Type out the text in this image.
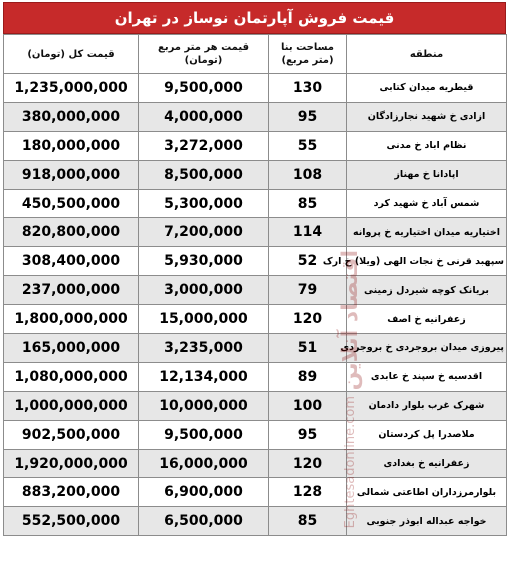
قیمت فروش آپارتمان نوساز در تهران
منطقه	مساحت بنا (متر مربع)	قیمت هر متر مربع (تومان)	قیمت کل (تومان)
قیطریه میدان کتابی	130	9,500,000	1,235,000,000
ازادی خ شهید نجارزادگان	95	4,000,000	380,000,000
نظام اباد خ مدنی	55	3,272,000	180,000,000
اپادانا خ مهناز	108	8,500,000	918,000,000
شمس آباد خ شهید کرد	85	5,300,000	450,500,000
اختیاریه میدان اختیاریه خ پروانه	114	7,200,000	820,800,000
سپهبد قرنی خ نجات الهی (ویلا) خ ارک	52	5,930,000	308,400,000
بریانک کوچه شیردل زمینی	79	3,000,000	237,000,000
زعفرانیه خ اصف	120	15,000,000	1,800,000,000
پیروزی میدان بروجردی خ بروجردی	51	3,235,000	165,000,000
اقدسیه خ سپند خ عابدی	89	12,134,000	1,080,000,000
شهرک غرب بلوار دادمان	100	10,000,000	1,000,000,000
ملاصدرا پل کردستان	95	9,500,000	902,500,000
زعفرانیه خ بغدادی	120	16,000,000	1,920,000,000
بلوارمرزداران اطاعتی شمالی	128	6,900,000	883,200,000
خواجه عبداله ابوذر جنوبی	85	6,500,000	552,500,000
اقتصاد آنلاین
Eghtesadonline.com
